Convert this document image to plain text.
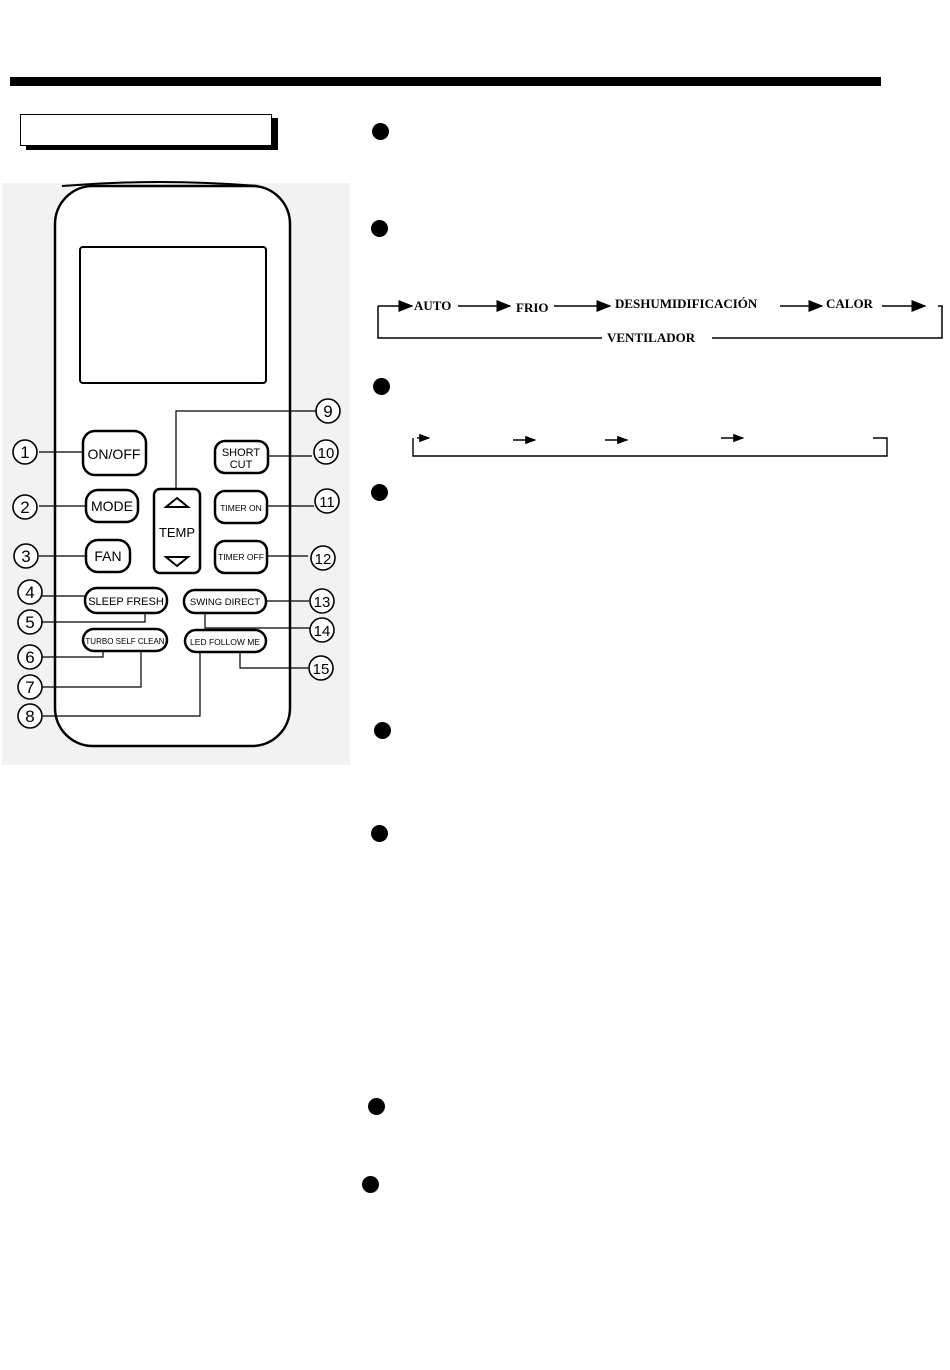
ON/OFF
MODE
FAN
SLEEP FRESH
TURBO SELF CLEAN
TEMP
SHORT
CUT
TIMER ON
TIMER OFF
SWING DIRECT
LED FOLLOW ME
1
2
3
4
5
6
7
8
9
10
11
12
13
14
15
AUTO	FRIO	DESHUMIDIFICACIÓN	CALOR
VENTILADOR
